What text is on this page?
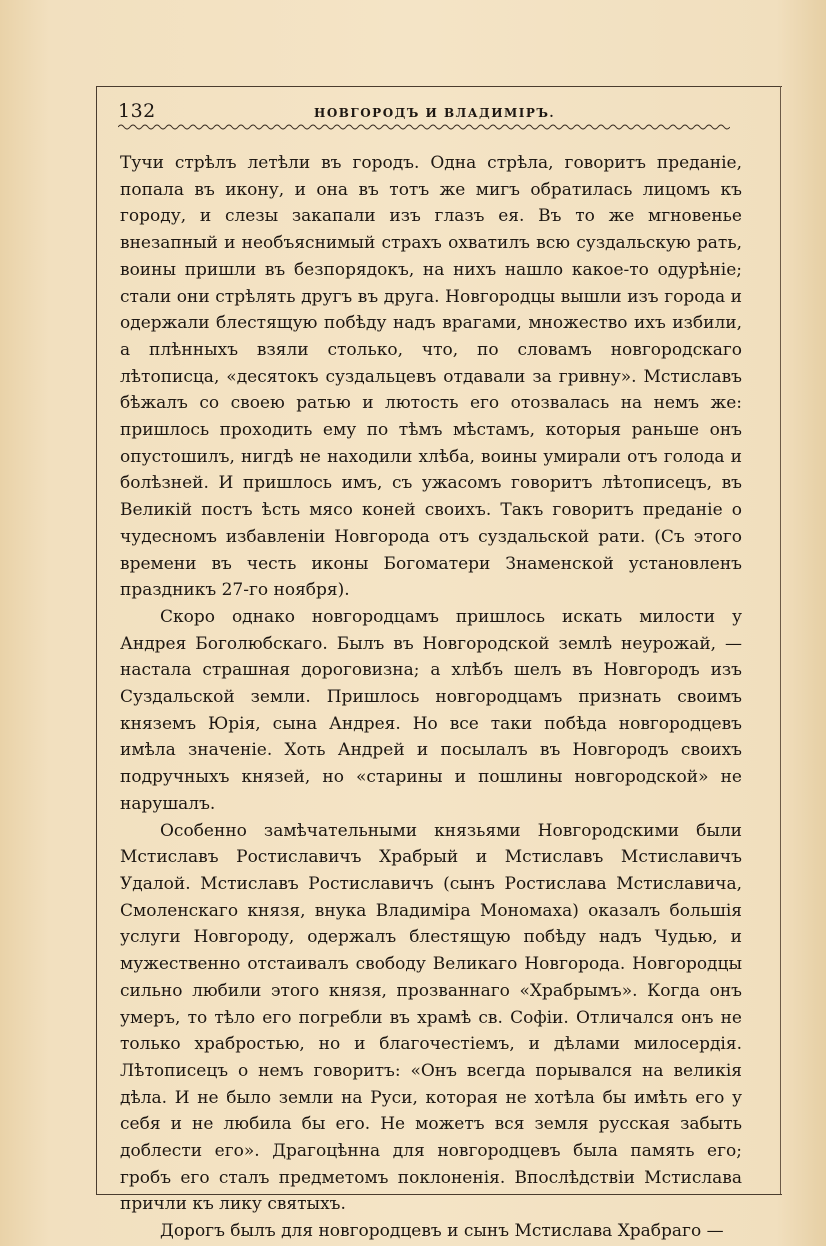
132	НОВГОРОДЪ И ВЛАДИМІРЪ.

Тучи стрѣлъ летѣли въ городъ. Одна стрѣла, говоритъ преданіе, попала въ икону, и она въ тотъ же мигъ обратилась лицомъ къ городу, и слезы закапали изъ глазъ ея. Въ то же мгновенье внезапный и необъяснимый страхъ охватилъ всю суздальскую рать, воины пришли въ безпорядокъ, на нихъ нашло какое-то одурѣніе; стали они стрѣлять другъ въ друга. Новгородцы вышли изъ города и одержали блестящую побѣду надъ врагами, множество ихъ избили, а плѣнныхъ взяли столько, что, по словамъ новгородскаго лѣтописца, «десятокъ суздальцевъ отдавали за гривну». Мстиславъ бѣжалъ со своею ратью и лютость его отозвалась на немъ же: пришлось проходить ему по тѣмъ мѣстамъ, которыя раньше онъ опустошилъ, нигдѣ не находили хлѣба, воины умирали отъ голода и болѣзней. И пришлось имъ, съ ужасомъ говоритъ лѣтописецъ, въ Великій постъ ѣсть мясо коней своихъ. Такъ говоритъ преданіе о чудесномъ избавленіи Новгорода отъ суздальской рати. (Съ этого времени въ честь иконы Богоматери Знаменской установленъ праздникъ 27-го ноября).

Скоро однако новгородцамъ пришлось искать милости у Андрея Боголюбскаго. Былъ въ Новгородской землѣ неурожай, — настала страшная дороговизна; а хлѣбъ шелъ въ Новгородъ изъ Суздальской земли. Пришлось новгородцамъ признать своимъ княземъ Юрія, сына Андрея. Но все таки побѣда новгородцевъ имѣла значеніе. Хоть Андрей и посылалъ въ Новгородъ своихъ подручныхъ князей, но «старины и пошлины новгородской» не нарушалъ.

Особенно замѣчательными князьями Новгородскими были Мстиславъ Ростиславичъ Храбрый и Мстиславъ Мстиславичъ Удалой. Мстиславъ Ростиславичъ (сынъ Ростислава Мстиславича, Смоленскаго князя, внука Владиміра Мономаха) оказалъ большія услуги Новгороду, одержалъ блестящую побѣду надъ Чудью, и мужественно отстаивалъ свободу Великаго Новгорода. Новгородцы сильно любили этого князя, прозваннаго «Храбрымъ». Когда онъ умеръ, то тѣло его погребли въ храмѣ св. Софіи. Отличался онъ не только храбростью, но и благочестіемъ, и дѣлами милосердія. Лѣтописецъ о немъ говоритъ: «Онъ всегда порывался на великія дѣла. И не было земли на Руси, которая не хотѣла бы имѣть его у себя и не любила бы его. Не можетъ вся земля русская забыть доблести его». Драгоцѣнна для новгородцевъ была память его; гробъ его сталъ предметомъ поклоненія. Впослѣдствіи Мстислава причли къ лику святыхъ.

Дорогъ былъ для новгородцевъ и сынъ Мстислава Храбраго —
